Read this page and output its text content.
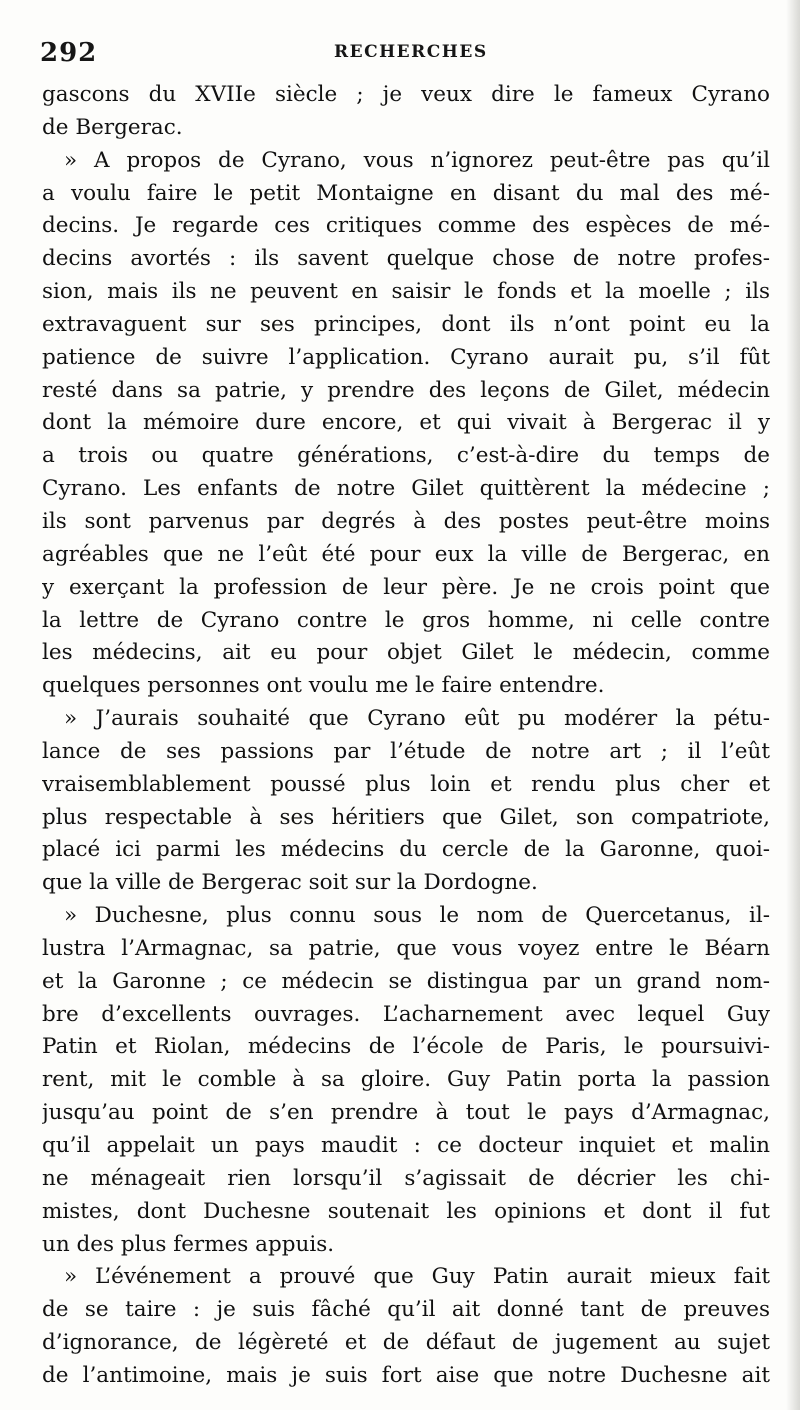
292	RECHERCHES
gascons du XVIIe siècle ; je veux dire le fameux Cyrano
de Bergerac.
» A propos de Cyrano, vous n’ignorez peut-être pas qu’il
a voulu faire le petit Montaigne en disant du mal des mé-
decins. Je regarde ces critiques comme des espèces de mé-
decins avortés : ils savent quelque chose de notre profes-
sion, mais ils ne peuvent en saisir le fonds et la moelle ; ils
extravaguent sur ses principes, dont ils n’ont point eu la
patience de suivre l’application. Cyrano aurait pu, s’il fût
resté dans sa patrie, y prendre des leçons de Gilet, médecin
dont la mémoire dure encore, et qui vivait à Bergerac il y
a trois ou quatre générations, c’est-à-dire du temps de
Cyrano. Les enfants de notre Gilet quittèrent la médecine ;
ils sont parvenus par degrés à des postes peut-être moins
agréables que ne l’eût été pour eux la ville de Bergerac, en
y exerçant la profession de leur père. Je ne crois point que
la lettre de Cyrano contre le gros homme, ni celle contre
les médecins, ait eu pour objet Gilet le médecin, comme
quelques personnes ont voulu me le faire entendre.
» J’aurais souhaité que Cyrano eût pu modérer la pétu-
lance de ses passions par l’étude de notre art ; il l’eût
vraisemblablement poussé plus loin et rendu plus cher et
plus respectable à ses héritiers que Gilet, son compatriote,
placé ici parmi les médecins du cercle de la Garonne, quoi-
que la ville de Bergerac soit sur la Dordogne.
» Duchesne, plus connu sous le nom de Quercetanus, il-
lustra l’Armagnac, sa patrie, que vous voyez entre le Béarn
et la Garonne ; ce médecin se distingua par un grand nom-
bre d’excellents ouvrages. L’acharnement avec lequel Guy
Patin et Riolan, médecins de l’école de Paris, le poursuivi-
rent, mit le comble à sa gloire. Guy Patin porta la passion
jusqu’au point de s’en prendre à tout le pays d’Armagnac,
qu’il appelait un pays maudit : ce docteur inquiet et malin
ne ménageait rien lorsqu’il s’agissait de décrier les chi-
mistes, dont Duchesne soutenait les opinions et dont il fut
un des plus fermes appuis.
» L’événement a prouvé que Guy Patin aurait mieux fait
de se taire : je suis fâché qu’il ait donné tant de preuves
d’ignorance, de légèreté et de défaut de jugement au sujet
de l’antimoine, mais je suis fort aise que notre Duchesne ait
